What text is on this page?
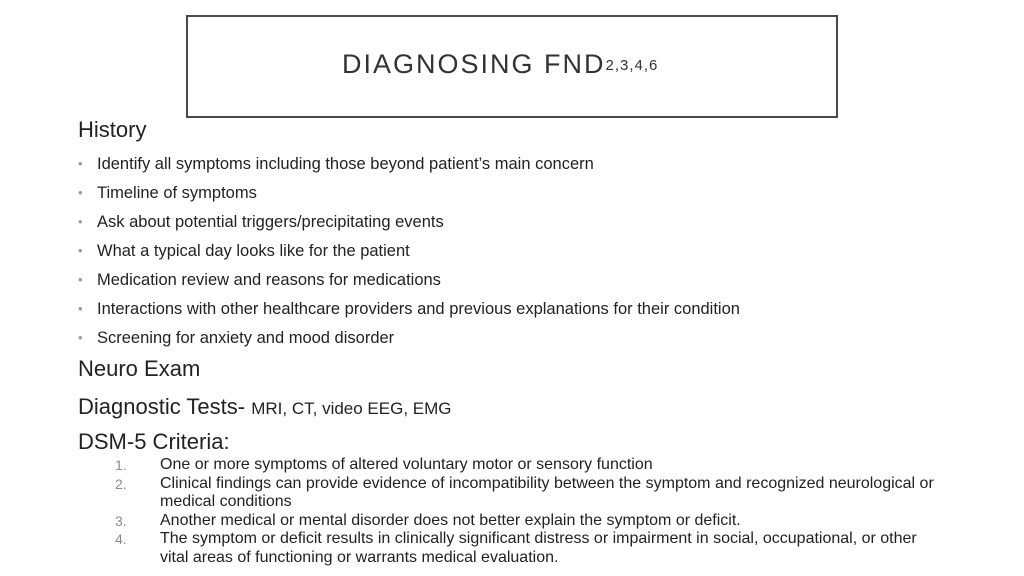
DIAGNOSING FND$^{2,3,4,6}$
History
• Identify all symptoms including those beyond patient’s main concern
• Timeline of symptoms
• Ask about potential triggers/precipitating events
• What a typical day looks like for the patient
• Medication review and reasons for medications
• Interactions with other healthcare providers and previous explanations for their condition
• Screening for anxiety and mood disorder
Neuro Exam
Diagnostic Tests- MRI, CT, video EEG, EMG
DSM-5 Criteria:
1. One or more symptoms of altered voluntary motor or sensory function
2. Clinical findings can provide evidence of incompatibility between the symptom and recognized neurological or medical conditions
3. Another medical or mental disorder does not better explain the symptom or deficit.
4. The symptom or deficit results in clinically significant distress or impairment in social, occupational, or other vital areas of functioning or warrants medical evaluation.
